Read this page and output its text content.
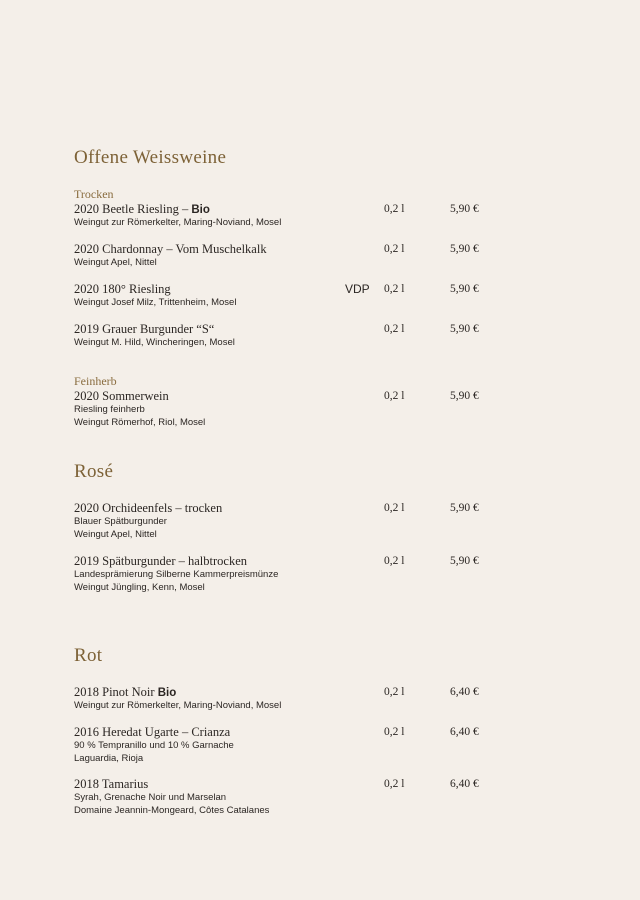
Offene Weissweine
Trocken
2020 Beetle Riesling – Bio
Weingut zur Römerkelter, Maring-Noviand, Mosel
0,2 l	5,90 €
2020 Chardonnay – Vom Muschelkalk
Weingut Apel, Nittel
0,2 l	5,90 €
2020 180° Riesling	VDP
Weingut Josef Milz, Trittenheim, Mosel
0,2 l	5,90 €
2019 Grauer Burgunder “S“
Weingut M. Hild, Wincheringen, Mosel
0,2 l	5,90 €
Feinherb
2020 Sommerwein
Riesling feinherb
Weingut Römerhof, Riol, Mosel
0,2 l	5,90 €
Rosé
2020 Orchideenfels – trocken
Blauer Spätburgunder
Weingut Apel, Nittel
0,2 l	5,90 €
2019 Spätburgunder – halbtrocken
Landesprämierung Silberne Kammerpreismünze
Weingut Jüngling, Kenn, Mosel
0,2 l	5,90 €
Rot
2018 Pinot Noir Bio
Weingut zur Römerkelter, Maring-Noviand, Mosel
0,2 l	6,40 €
2016 Heredat Ugarte – Crianza
90 % Tempranillo und 10 % Garnache
Laguardia, Rioja
0,2 l	6,40 €
2018 Tamarius
Syrah, Grenache Noir und Marselan
Domaine Jeannin-Mongeard, Côtes Catalanes
0,2 l	6,40 €
